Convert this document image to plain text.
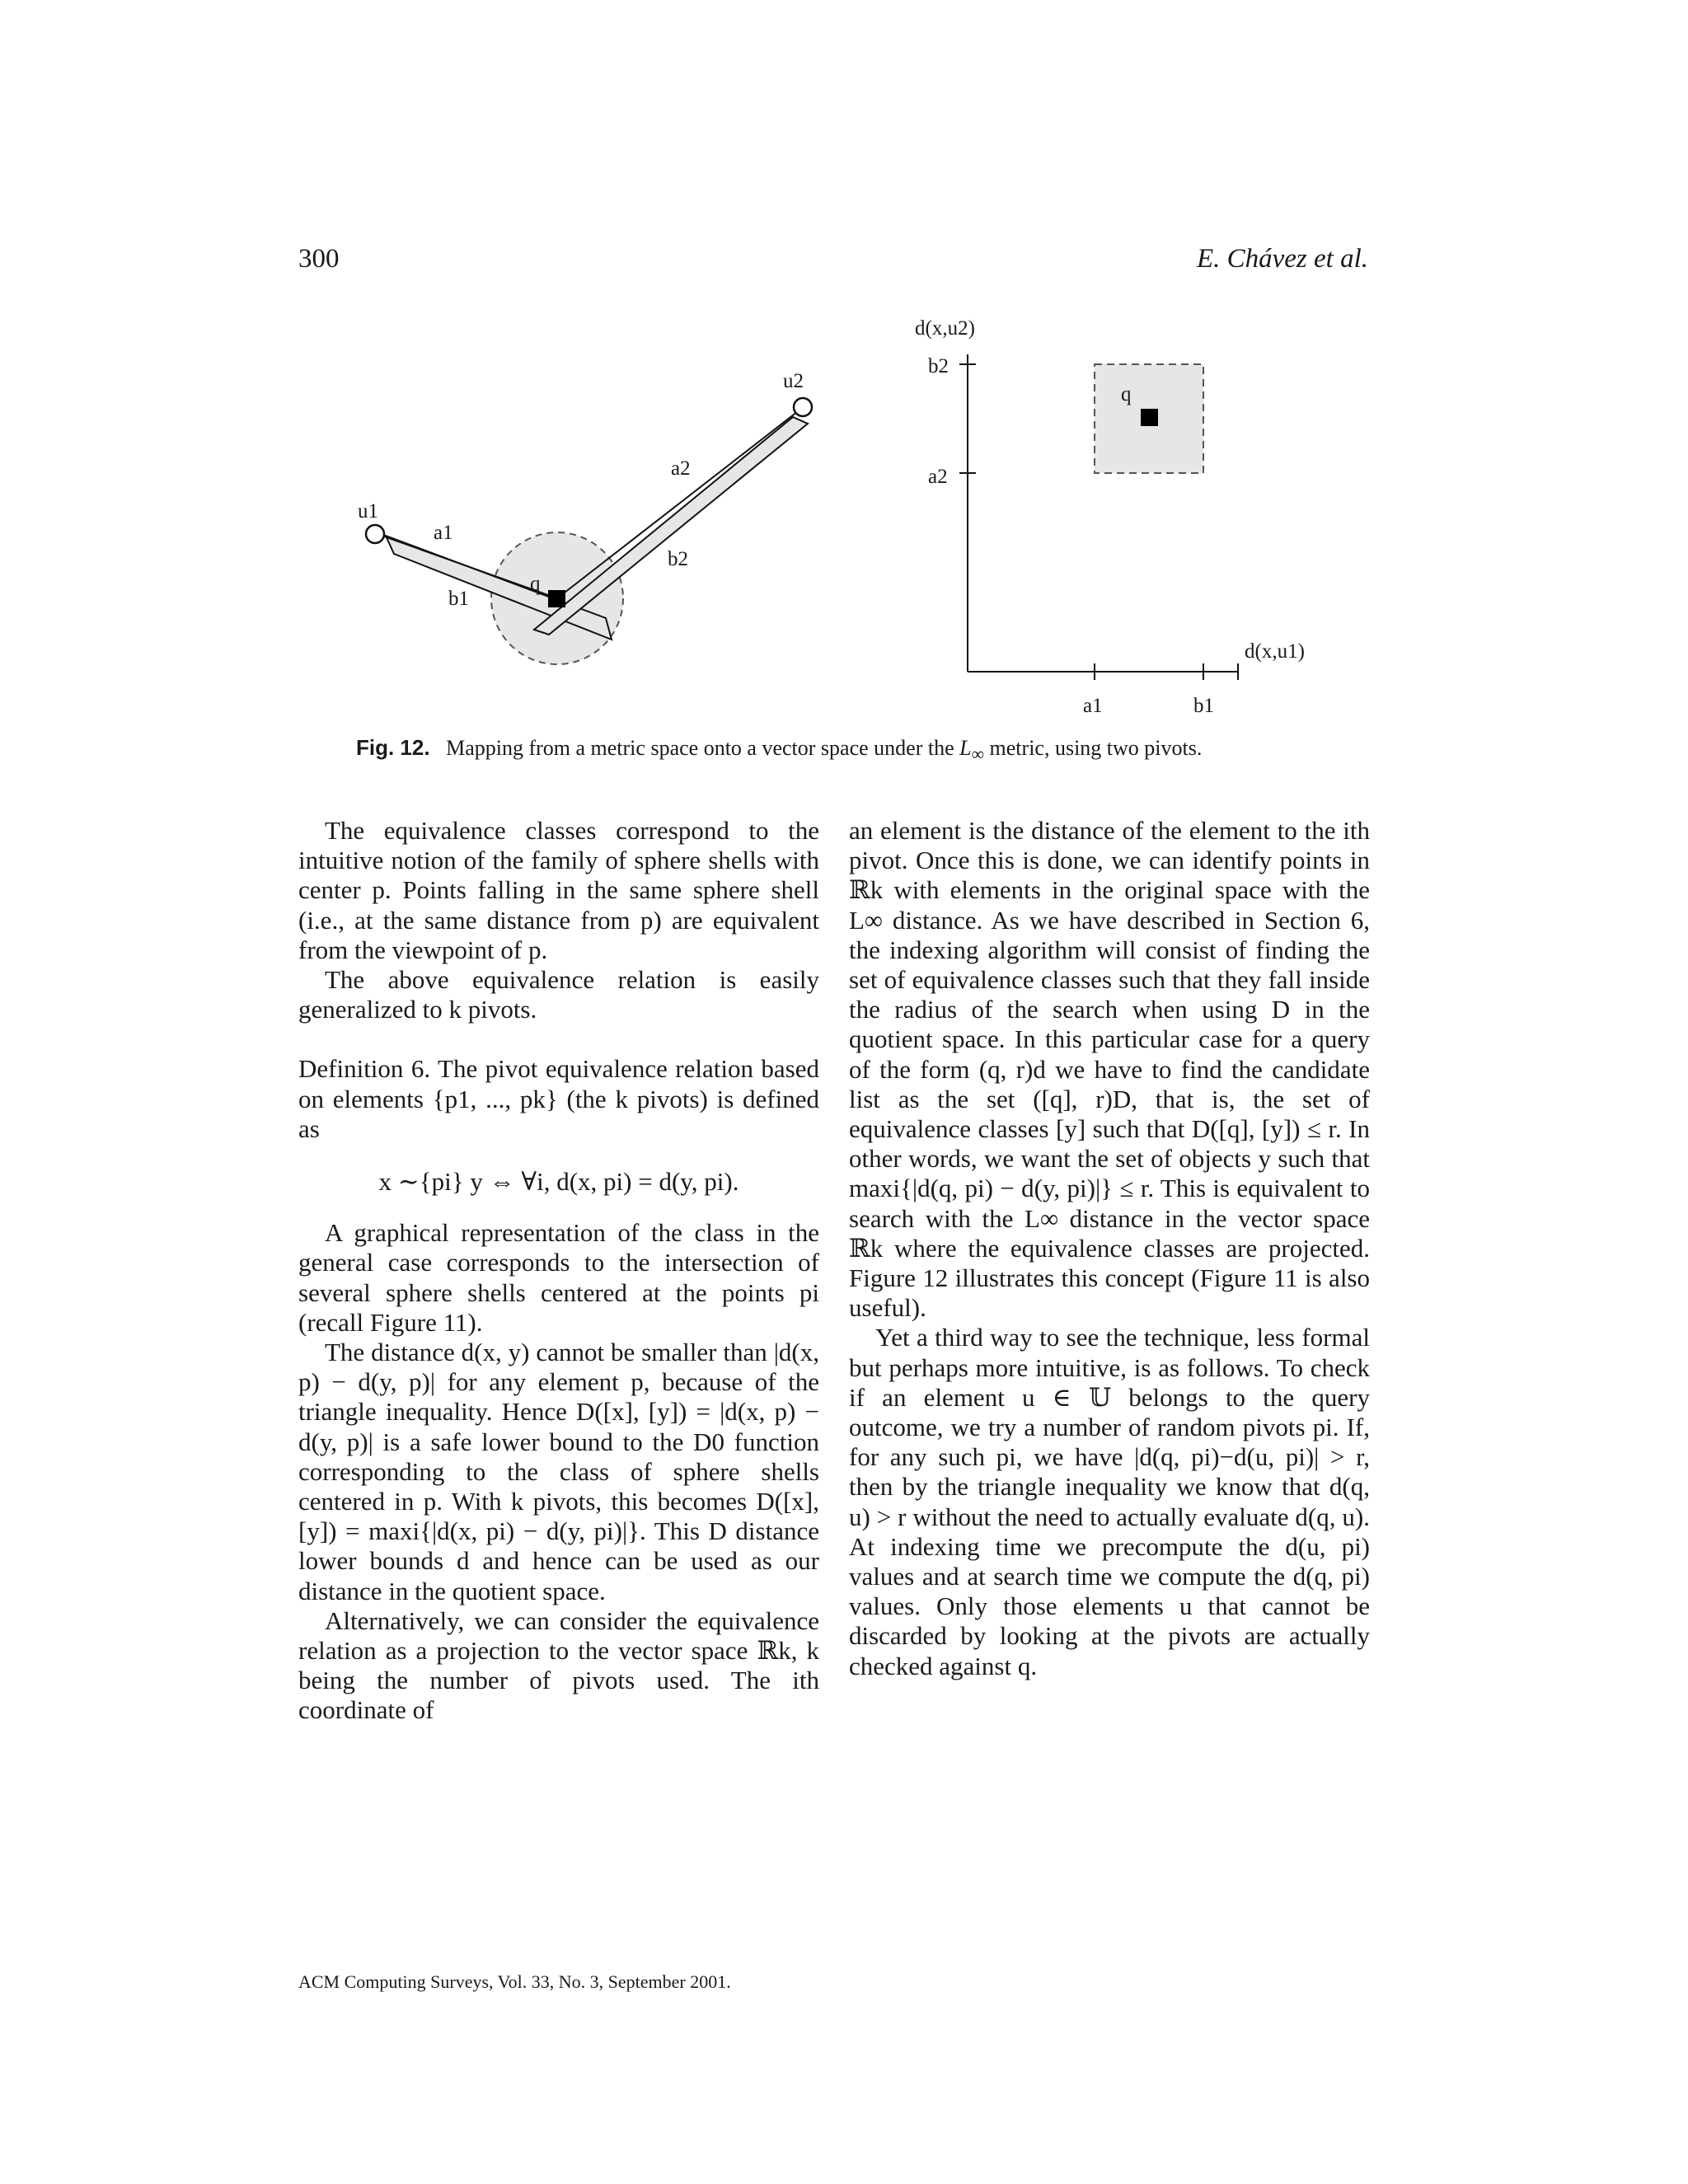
300	E. Chávez et al.
u1
u2
a1
b1
a2
b2
q
d(x,u2)
d(x,u1)
b2
a2
a1	b1
q
Fig. 12. Mapping from a metric space onto a vector space under the $L_\infty$ metric, using two pivots.

The equivalence classes correspond to the intuitive notion of the family of sphere shells with center p. Points falling in the same sphere shell (i.e., at the same distance from p) are equivalent from the viewpoint of p.

The above equivalence relation is easily generalized to k pivots.

Definition 6. The pivot equivalence relation based on elements {p1, ..., pk} (the k pivots) is defined as

x ∼{pi} y ⇔ ∀i, d(x, pi) = d(y, pi).

A graphical representation of the class in the general case corresponds to the intersection of several sphere shells centered at the points pi (recall Figure 11).

The distance d(x, y) cannot be smaller than |d(x, p) − d(y, p)| for any element p, because of the triangle inequality. Hence D([x], [y]) = |d(x, p) − d(y, p)| is a safe lower bound to the D0 function corresponding to the class of sphere shells centered in p. With k pivots, this becomes D([x], [y]) = maxi{|d(x, pi) − d(y, pi)|}. This D distance lower bounds d and hence can be used as our distance in the quotient space.

Alternatively, we can consider the equivalence relation as a projection to the vector space ℝk, k being the number of pivots used. The ith coordinate of

an element is the distance of the element to the ith pivot. Once this is done, we can identify points in ℝk with elements in the original space with the L∞ distance. As we have described in Section 6, the indexing algorithm will consist of finding the set of equivalence classes such that they fall inside the radius of the search when using D in the quotient space. In this particular case for a query of the form (q, r)d we have to find the candidate list as the set ([q], r)D, that is, the set of equivalence classes [y] such that D([q], [y]) ≤ r. In other words, we want the set of objects y such that maxi{|d(q, pi) − d(y, pi)|} ≤ r. This is equivalent to search with the L∞ distance in the vector space ℝk where the equivalence classes are projected. Figure 12 illustrates this concept (Figure 11 is also useful).

Yet a third way to see the technique, less formal but perhaps more intuitive, is as follows. To check if an element u ∈ 𝕌 belongs to the query outcome, we try a number of random pivots pi. If, for any such pi, we have |d(q, pi)−d(u, pi)| > r, then by the triangle inequality we know that d(q, u) > r without the need to actually evaluate d(q, u). At indexing time we precompute the d(u, pi) values and at search time we compute the d(q, pi) values. Only those elements u that cannot be discarded by looking at the pivots are actually checked against q.

ACM Computing Surveys, Vol. 33, No. 3, September 2001.
